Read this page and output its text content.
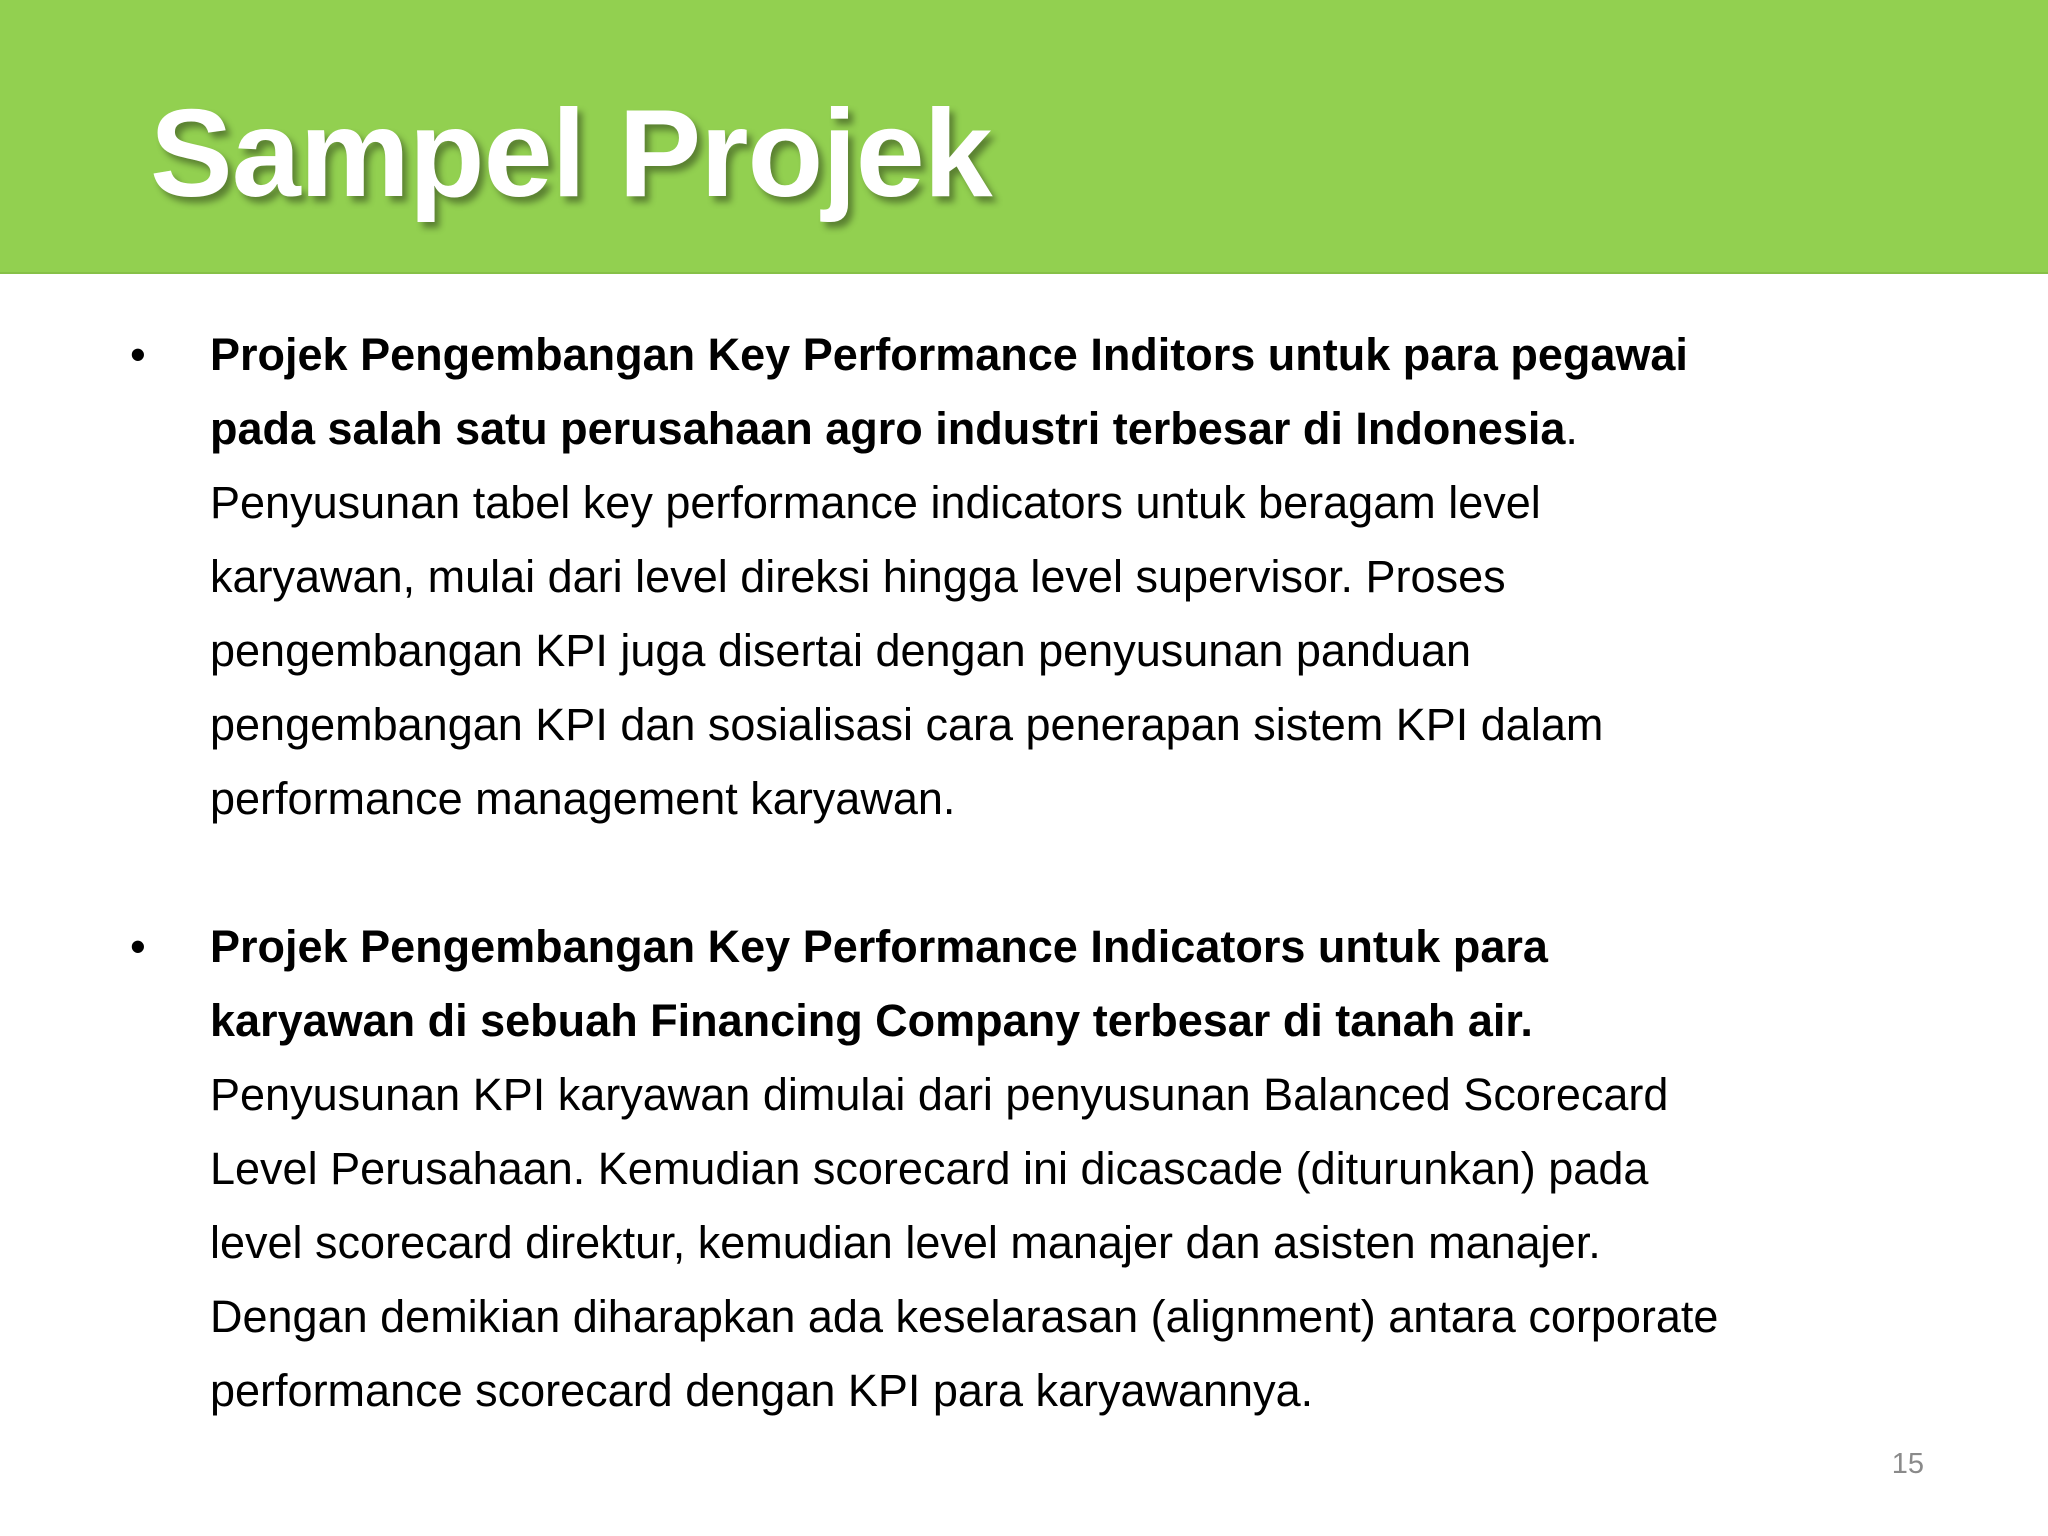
Sampel Projek
•	Projek Pengembangan Key Performance Inditors untuk para pegawai
pada salah satu perusahaan agro industri terbesar di Indonesia.
Penyusunan tabel key performance indicators untuk beragam level
karyawan, mulai dari level direksi hingga level supervisor. Proses
pengembangan KPI juga disertai dengan penyusunan panduan
pengembangan KPI dan sosialisasi cara penerapan sistem KPI dalam
performance management karyawan.
•	Projek Pengembangan Key Performance Indicators untuk para
karyawan di sebuah Financing Company terbesar di tanah air.
Penyusunan KPI karyawan dimulai dari penyusunan Balanced Scorecard
Level Perusahaan. Kemudian scorecard ini dicascade (diturunkan) pada
level scorecard direktur, kemudian level manajer dan asisten manajer.
Dengan demikian diharapkan ada keselarasan (alignment) antara corporate
performance scorecard dengan KPI para karyawannya.
15
